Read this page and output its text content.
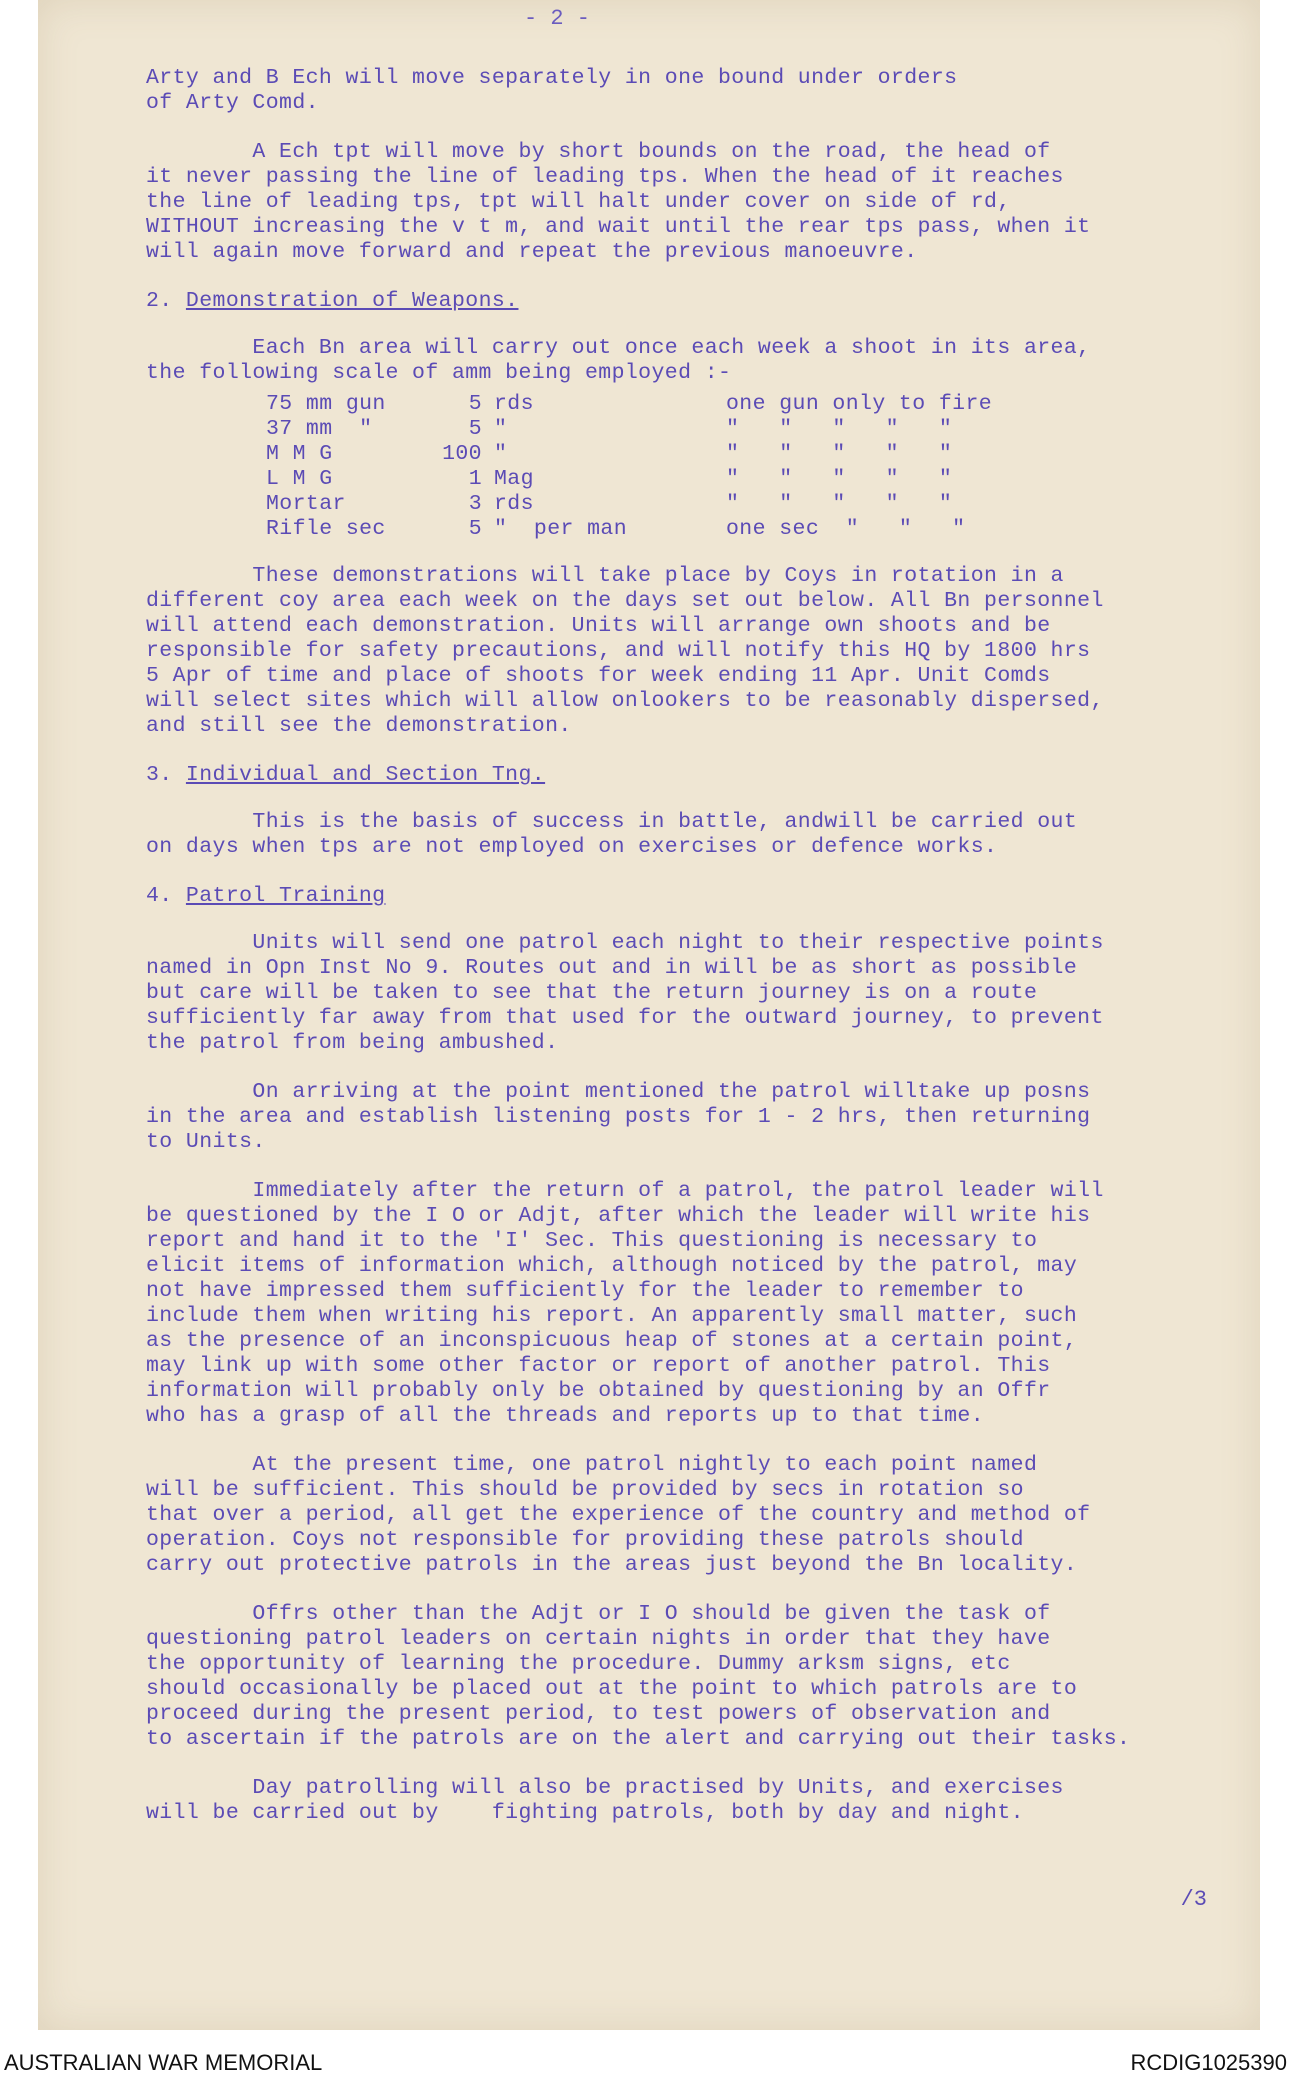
- 2 -

Arty and B Ech will move separately in one bound under orders
of Arty Comd.

A Ech tpt will move by short bounds on the road, the head of
it never passing the line of leading tps. When the head of it reaches
the line of leading tps, tpt will halt under cover on side of rd,
WITHOUT increasing the v t m, and wait until the rear tps pass, when it
will again move forward and repeat the previous manoeuvre.

2. Demonstration of Weapons.

Each Bn area will carry out once each week a shoot in its area,
the following scale of amm being employed :-

75 mm gun	5 rds	one gun only to fire
37 mm  "	5 "	"   "   "   "   "
M M G	100 "	"   "   "   "   "
L M G	1 Mag	"   "   "   "   "
Mortar	3 rds	"   "   "   "   "
Rifle sec	5 "  per man	one sec  "   "   "

These demonstrations will take place by Coys in rotation in a
different coy area each week on the days set out below. All Bn personnel
will attend each demonstration. Units will arrange own shoots and be
responsible for safety precautions, and will notify this HQ by 1800 hrs
5 Apr of time and place of shoots for week ending 11 Apr. Unit Comds
will select sites which will allow onlookers to be reasonably dispersed,
and still see the demonstration.

3. Individual and Section Tng.

This is the basis of success in battle, andwill be carried out
on days when tps are not employed on exercises or defence works.

4. Patrol Training

Units will send one patrol each night to their respective points
named in Opn Inst No 9. Routes out and in will be as short as possible
but care will be taken to see that the return journey is on a route
sufficiently far away from that used for the outward journey, to prevent
the patrol from being ambushed.

On arriving at the point mentioned the patrol willtake up posns
in the area and establish listening posts for 1 - 2 hrs, then returning
to Units.

Immediately after the return of a patrol, the patrol leader will
be questioned by the I O or Adjt, after which the leader will write his
report and hand it to the 'I' Sec. This questioning is necessary to
elicit items of information which, although noticed by the patrol, may
not have impressed them sufficiently for the leader to remember to
include them when writing his report. An apparently small matter, such
as the presence of an inconspicuous heap of stones at a certain point,
may link up with some other factor or report of another patrol. This
information will probably only be obtained by questioning by an Offr
who has a grasp of all the threads and reports up to that time.

At the present time, one patrol nightly to each point named
will be sufficient. This should be provided by secs in rotation so
that over a period, all get the experience of the country and method of
operation. Coys not responsible for providing these patrols should
carry out protective patrols in the areas just beyond the Bn locality.

Offrs other than the Adjt or I O should be given the task of
questioning patrol leaders on certain nights in order that they have
the opportunity of learning the procedure. Dummy arksm signs, etc
should occasionally be placed out at the point to which patrols are to
proceed during the present period, to test powers of observation and
to ascertain if the patrols are on the alert and carrying out their tasks.

Day patrolling will also be practised by Units, and exercises
will be carried out by    fighting patrols, both by day and night.

/3
AUSTRALIAN WAR MEMORIAL	RCDIG1025390
